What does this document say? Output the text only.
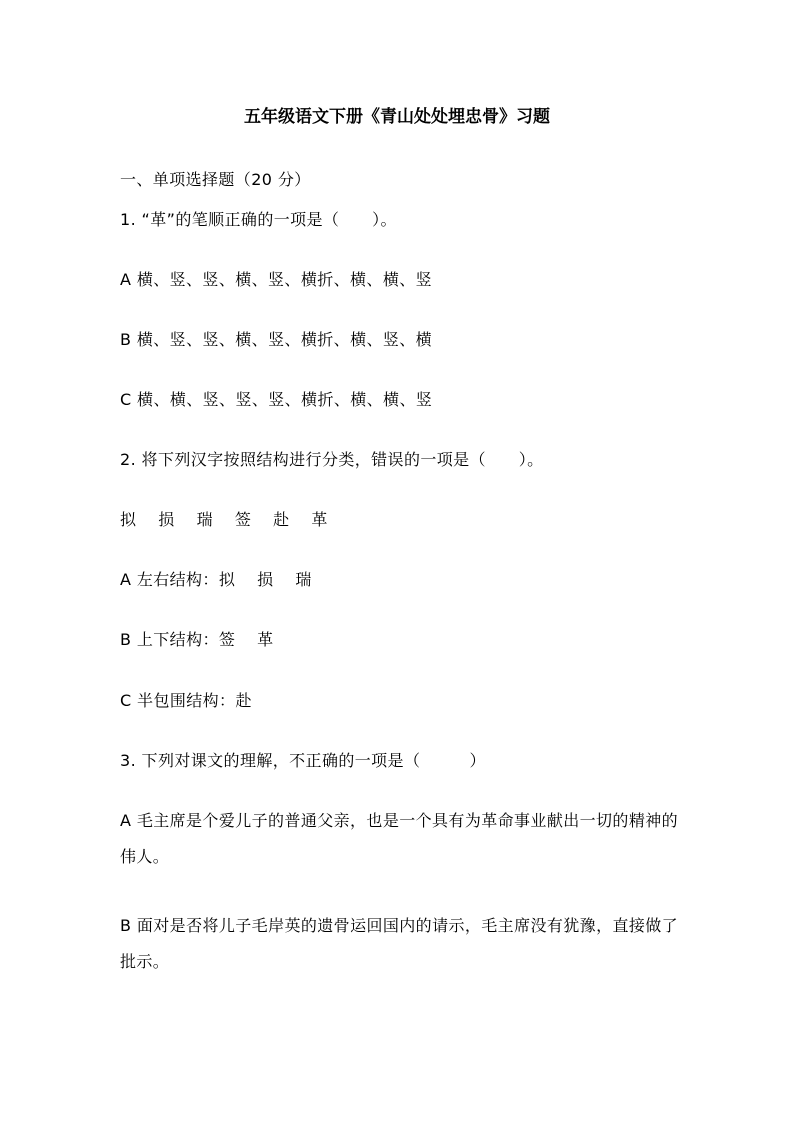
五年级语文下册《青山处处埋忠骨》习题
一、单项选择题（20 分）
1. “革”的笔顺正确的一项是（　　）。
A 横、竖、竖、横、竖、横折、横、横、竖
B 横、竖、竖、横、竖、横折、横、竖、横
C 横、横、竖、竖、竖、横折、横、横、竖
2. 将下列汉字按照结构进行分类，错误的一项是（　　）。
拟　 损　 瑞　 签　 赴　 革
A 左右结构：拟　 损　 瑞
B 上下结构：签　 革
C 半包围结构：赴
3. 下列对课文的理解，不正确的一项是（　　　）
A 毛主席是个爱儿子的普通父亲，也是一个具有为革命事业献出一切的精神的伟人。
B 面对是否将儿子毛岸英的遗骨运回国内的请示，毛主席没有犹豫，直接做了批示。
